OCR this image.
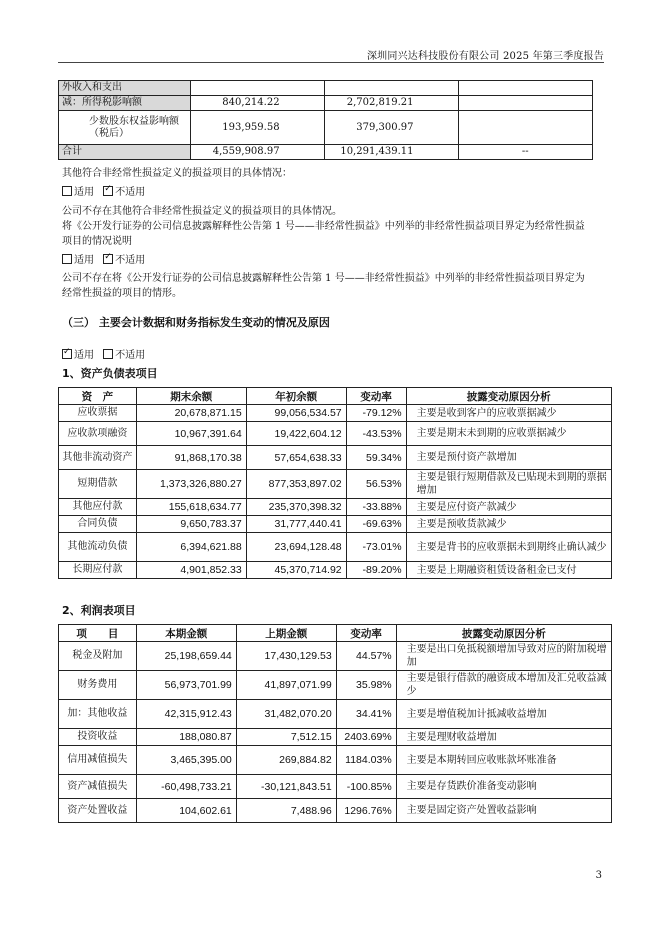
深圳同兴达科技股份有限公司 2025 年第三季度报告
外收入和支出			
减：所得税影响额	840,214.22	2,702,819.21	
少数股东权益影响额（税后）	193,959.58	379,300.97	
合计	4,559,908.97	10,291,439.11	--
其他符合非经常性损益定义的损益项目的具体情况：
适用 ✓ 不适用
公司不存在其他符合非经常性损益定义的损益项目的具体情况。
将《公开发行证券的公司信息披露解释性公告第 1 号——非经常性损益》中列举的非经常性损益项目界定为经常性损益
项目的情况说明
适用 ✓ 不适用
公司不存在将《公开发行证券的公司信息披露解释性公告第 1 号——非经常性损益》中列举的非经常性损益项目界定为
经常性损益的项目的情形。
（三） 主要会计数据和财务指标发生变动的情况及原因
✓适用 不适用
1、资产负债表项目
资　产	期末余额	年初余额	变动率	披露变动原因分析
应收票据	20,678,871.15	99,056,534.57	-79.12%	主要是收到客户的应收票据减少
应收款项融资	10,967,391.64	19,422,604.12	-43.53%	主要是期末未到期的应收票据减少
其他非流动资产	91,868,170.38	57,654,638.33	59.34%	主要是预付资产款增加
短期借款	1,373,326,880.27	877,353,897.02	56.53%	主要是银行短期借款及已贴现未到期的票据增加
其他应付款	155,618,634.77	235,370,398.32	-33.88%	主要是应付资产款减少
合同负债	9,650,783.37	31,777,440.41	-69.63%	主要是预收货款减少
其他流动负债	6,394,621.88	23,694,128.48	-73.01%	主要是背书的应收票据未到期终止确认减少
长期应付款	4,901,852.33	45,370,714.92	-89.20%	主要是上期融资租赁设备租金已支付
2、利润表项目
项　　目	本期金额	上期金额	变动率	披露变动原因分析
税金及附加	25,198,659.44	17,430,129.53	44.57%	主要是出口免抵税额增加导致对应的附加税增加
财务费用	56,973,701.99	41,897,071.99	35.98%	主要是银行借款的融资成本增加及汇兑收益减少
加：其他收益	42,315,912.43	31,482,070.20	34.41%	主要是增值税加计抵减收益增加
投资收益	188,080.87	7,512.15	2403.69%	主要是理财收益增加
信用减值损失	3,465,395.00	269,884.82	1184.03%	主要是本期转回应收账款坏账准备
资产减值损失	-60,498,733.21	-30,121,843.51	-100.85%	主要是存货跌价准备变动影响
资产处置收益	104,602.61	7,488.96	1296.76%	主要是固定资产处置收益影响
3
